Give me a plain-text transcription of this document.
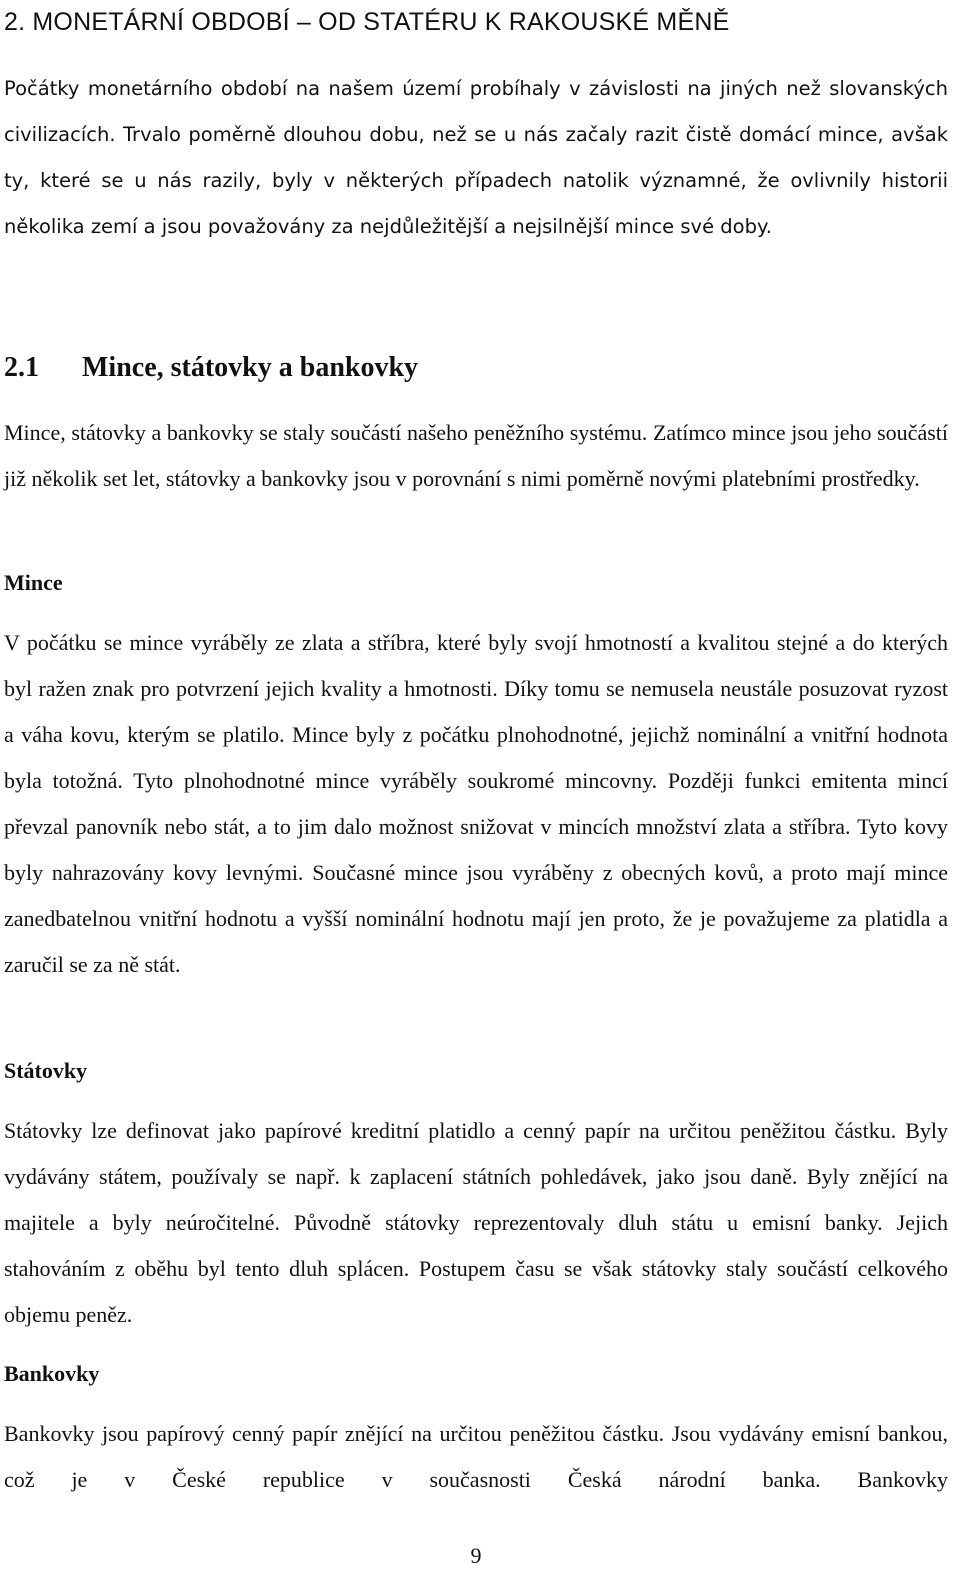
2. MONETÁRNÍ OBDOBÍ – OD STATÉRU K RAKOUSKÉ MĚNĚ

Počátky monetárního období na našem území probíhaly v závislosti na jiných než slovanských civilizacích. Trvalo poměrně dlouhou dobu, než se u nás začaly razit čistě domácí mince, avšak ty, které se u nás razily, byly v některých případech natolik významné, že ovlivnily historii několika zemí a jsou považovány za nejdůležitější a nejsilnější mince své doby.

2.1 Mince, státovky a bankovky

Mince, státovky a bankovky se staly součástí našeho peněžního systému. Zatímco mince jsou jeho součástí již několik set let, státovky a bankovky jsou v porovnání s nimi poměrně novými platebními prostředky.

Mince

V počátku se mince vyráběly ze zlata a stříbra, které byly svojí hmotností a kvalitou stejné a do kterých byl ražen znak pro potvrzení jejich kvality a hmotnosti. Díky tomu se nemusela neustále posuzovat ryzost a váha kovu, kterým se platilo. Mince byly z počátku plnohodnotné, jejichž nominální a vnitřní hodnota byla totožná. Tyto plnohodnotné mince vyráběly soukromé mincovny. Později funkci emitenta mincí převzal panovník nebo stát, a to jim dalo možnost snižovat v mincích množství zlata a stříbra. Tyto kovy byly nahrazovány kovy levnými. Současné mince jsou vyráběny z obecných kovů, a proto mají mince zanedbatelnou vnitřní hodnotu a vyšší nominální hodnotu mají jen proto, že je považujeme za platidla a zaručil se za ně stát.

Státovky

Státovky lze definovat jako papírové kreditní platidlo a cenný papír na určitou peněžitou částku. Byly vydávány státem, používaly se např. k zaplacení státních pohledávek, jako jsou daně. Byly znějící na majitele a byly neúročitelné. Původně státovky reprezentovaly dluh státu u emisní banky. Jejich stahováním z oběhu byl tento dluh splácen. Postupem času se však státovky staly součástí celkového objemu peněz.

Bankovky

Bankovky jsou papírový cenný papír znějící na určitou peněžitou částku. Jsou vydávány emisní bankou, což je v České republice v současnosti Česká národní banka. Bankovky

9
